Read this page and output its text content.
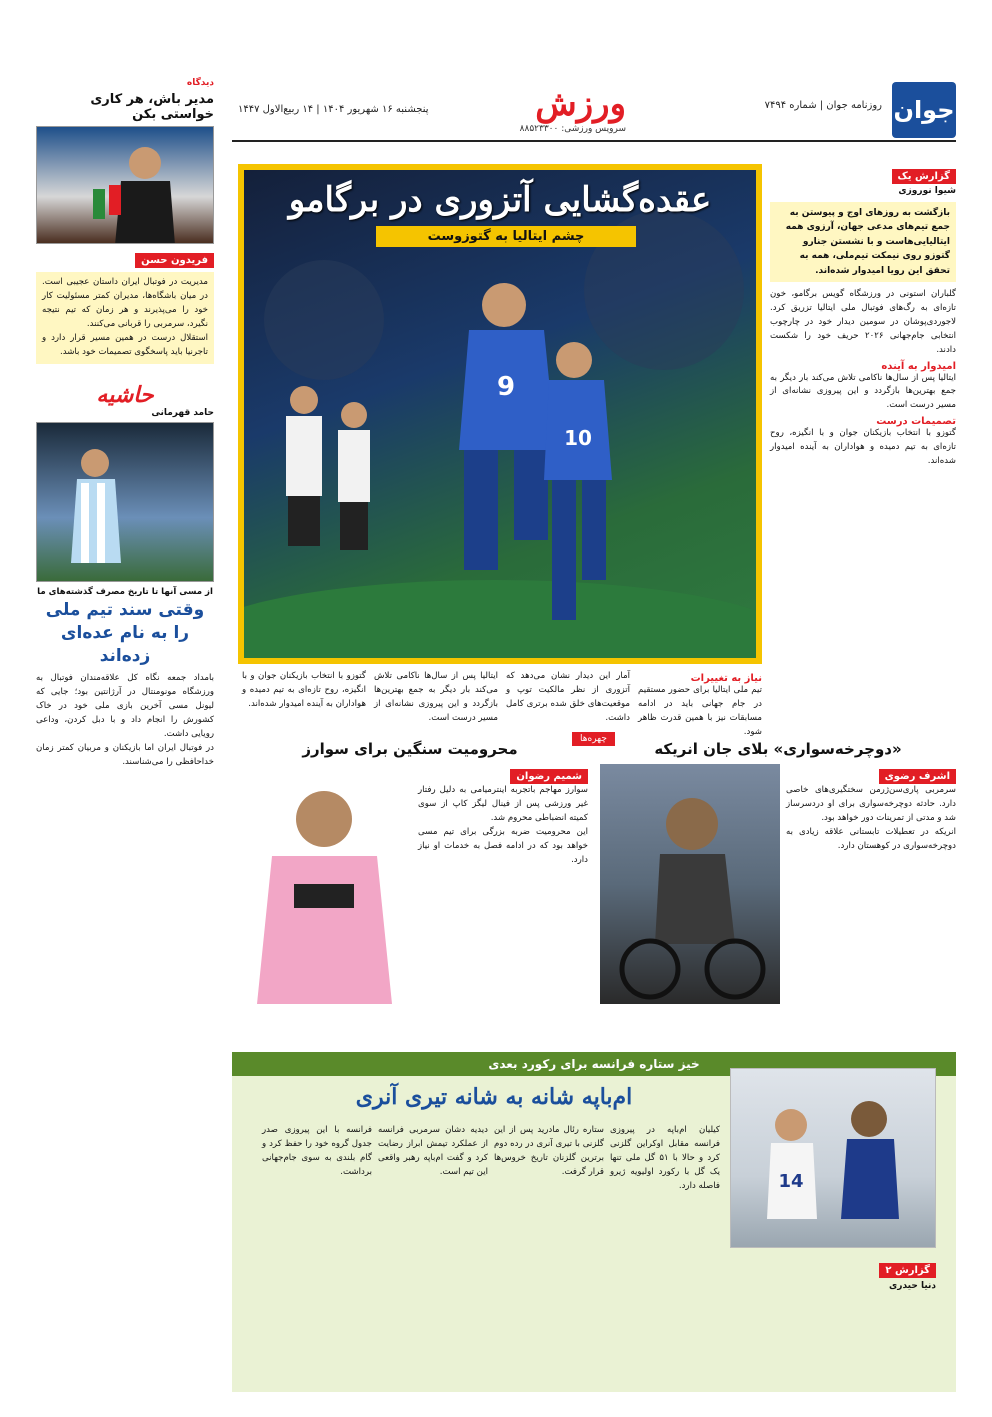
جوان
روزنامه جوان | شماره ۷۴۹۴
ورزش
سرویس ورزشی: ۸۸۵۲۳۳۰۰
پنجشنبه ۱۶ شهریور ۱۴۰۴ | ۱۴ ربیع‌الاول ۱۴۴۷
گزارش یک
شیوا نوروزی
بازگشت به روزهای اوج و پیوستن به جمع تیم‌های مدعی جهان، آرزوی همه ایتالیایی‌هاست و با نشستن جنارو گتوزو روی نیمکت تیم‌ملی، همه به تحقق این رویا امیدوار شده‌اند.
گلباران استونی در ورزشگاه گویس برگامو، خون تازه‌ای به رگ‌های فوتبال ملی ایتالیا تزریق کرد. لاجوردی‌پوشان در سومین دیدار خود در چارچوب انتخابی جام‌جهانی ۲۰۲۶ حریف خود را شکست دادند.
امیدوار به آینده
ایتالیا پس از سال‌ها ناکامی تلاش می‌کند بار دیگر به جمع بهترین‌ها بازگردد و این پیروزی نشانه‌ای از مسیر درست است.
تصمیمات درست
گتوزو با انتخاب بازیکنان جوان و با انگیزه، روح تازه‌ای به تیم دمیده و هواداران به آینده امیدوار شده‌اند.
9
10
عقده‌گشایی آتزوری در برگامو
چشم ایتالیا به گتوزوست
نیاز به تغییرات
تیم ملی ایتالیا برای حضور مستقیم در جام جهانی باید در ادامه مسابقات نیز با همین قدرت ظاهر شود.
آمار این دیدار نشان می‌دهد که آتزوری از نظر مالکیت توپ و موقعیت‌های خلق شده برتری کامل داشت.
ایتالیا پس از سال‌ها ناکامی تلاش می‌کند بار دیگر به جمع بهترین‌ها بازگردد و این پیروزی نشانه‌ای از مسیر درست است.
گتوزو با انتخاب بازیکنان جوان و با انگیزه، روح تازه‌ای به تیم دمیده و هواداران به آینده امیدوار شده‌اند.
چهره‌ها
«دوچرخه‌سواری» بلای جان انریکه
اشرف رضوی
سرمربی پاری‌سن‌ژرمن سختگیری‌های خاصی دارد. حادثه دوچرخه‌سواری برای او دردسرساز شد و مدتی از تمرینات دور خواهد بود.
انریکه در تعطیلات تابستانی علاقه زیادی به دوچرخه‌سواری در کوهستان دارد.
محرومیت سنگین برای سوارز
شمیم رضوان
سوارز مهاجم باتجربه اینترمیامی به دلیل رفتار غیر ورزشی پس از فینال لیگز کاپ از سوی کمیته انضباطی محروم شد.
این محرومیت ضربه بزرگی برای تیم مسی خواهد بود که در ادامه فصل به خدمات او نیاز دارد.
خیز ستاره فرانسه برای رکورد بعدی
ام‌باپه شانه به شانه تیری آنری
14
کیلیان ام‌باپه در پیروزی فرانسه مقابل اوکراین گلزنی کرد و حالا با ۵۱ گل ملی تنها یک گل با رکورد اولیویه ژیرو فاصله دارد.
ستاره رئال مادرید پس از این گلزنی با تیری آنری در رده دوم برترین گلزنان تاریخ خروس‌ها قرار گرفت.
دیدیه دشان سرمربی فرانسه از عملکرد تیمش ابراز رضایت کرد و گفت ام‌باپه رهبر واقعی این تیم است.
فرانسه با این پیروزی صدر جدول گروه خود را حفظ کرد و گام بلندی به سوی جام‌جهانی برداشت.
گزارش ۲
دنیا حیدری
دیدگاه
مدیر باش، هر کاری خواستی بکن
فریدون حسن
مدیریت در فوتبال ایران داستان عجیبی است. در میان باشگاه‌ها، مدیران کمتر مسئولیت کار خود را می‌پذیرند و هر زمان که تیم نتیجه نگیرد، سرمربی را قربانی می‌کنند.
استقلال درست در همین مسیر قرار دارد و تاجرنیا باید پاسخگوی تصمیمات خود باشد.
حاشیه
حامد قهرمانی
از مسی آنها تا تاریخ مصرف گذشته‌های ما
وقتی سند تیم ملی را به نام عده‌ای زده‌اند
بامداد جمعه نگاه کل علاقه‌مندان فوتبال به ورزشگاه مونومنتال در آرژانتین بود؛ جایی که لیونل مسی آخرین بازی ملی خود در خاک کشورش را انجام داد و با دبل کردن، وداعی رویایی داشت.
در فوتبال ایران اما بازیکنان و مربیان کمتر زمان خداحافظی را می‌شناسند.
